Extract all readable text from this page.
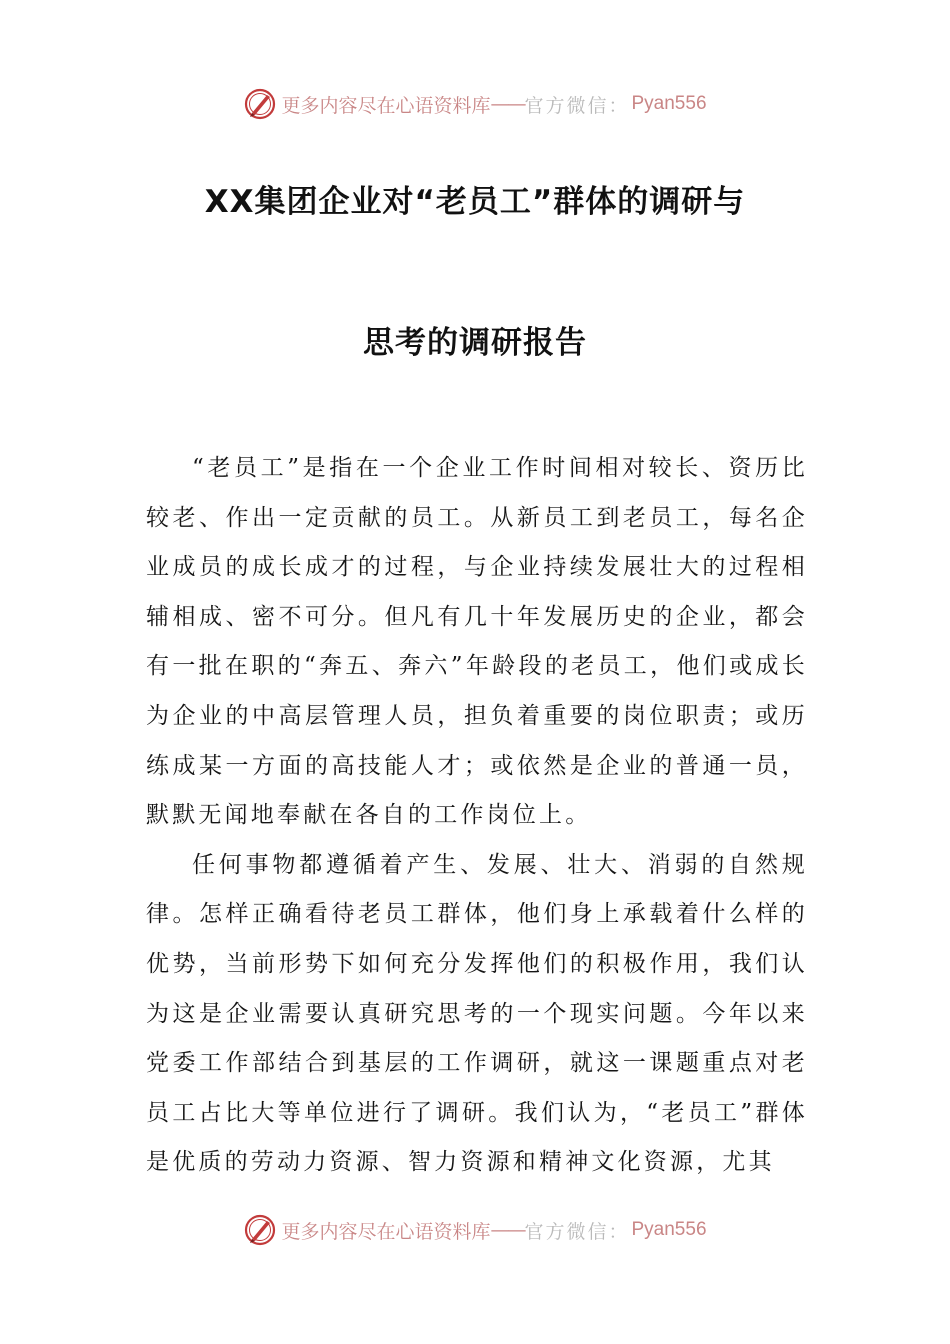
更多内容尽在心语资料库 —— 官方微信： Pyan556
XX集团企业对“老员工”群体的调研与
思考的调研报告

“老员工”是指在一个企业工作时间相对较长、资历比较老、作出一定贡献的员工。从新员工到老员工，每名企业成员的成长成才的过程，与企业持续发展壮大的过程相辅相成、密不可分。但凡有几十年发展历史的企业，都会有一批在职的“奔五、奔六”年龄段的老员工，他们或成长为企业的中高层管理人员，担负着重要的岗位职责；或历练成某一方面的高技能人才；或依然是企业的普通一员，默默无闻地奉献在各自的工作岗位上。

任何事物都遵循着产生、发展、壮大、消弱的自然规律。怎样正确看待老员工群体，他们身上承载着什么样的优势，当前形势下如何充分发挥他们的积极作用，我们认为这是企业需要认真研究思考的一个现实问题。今年以来党委工作部结合到基层的工作调研，就这一课题重点对老员工占比大等单位进行了调研。我们认为，“老员工”群体是优质的劳动力资源、智力资源和精神文化资源，尤其

更多内容尽在心语资料库 —— 官方微信： Pyan556
